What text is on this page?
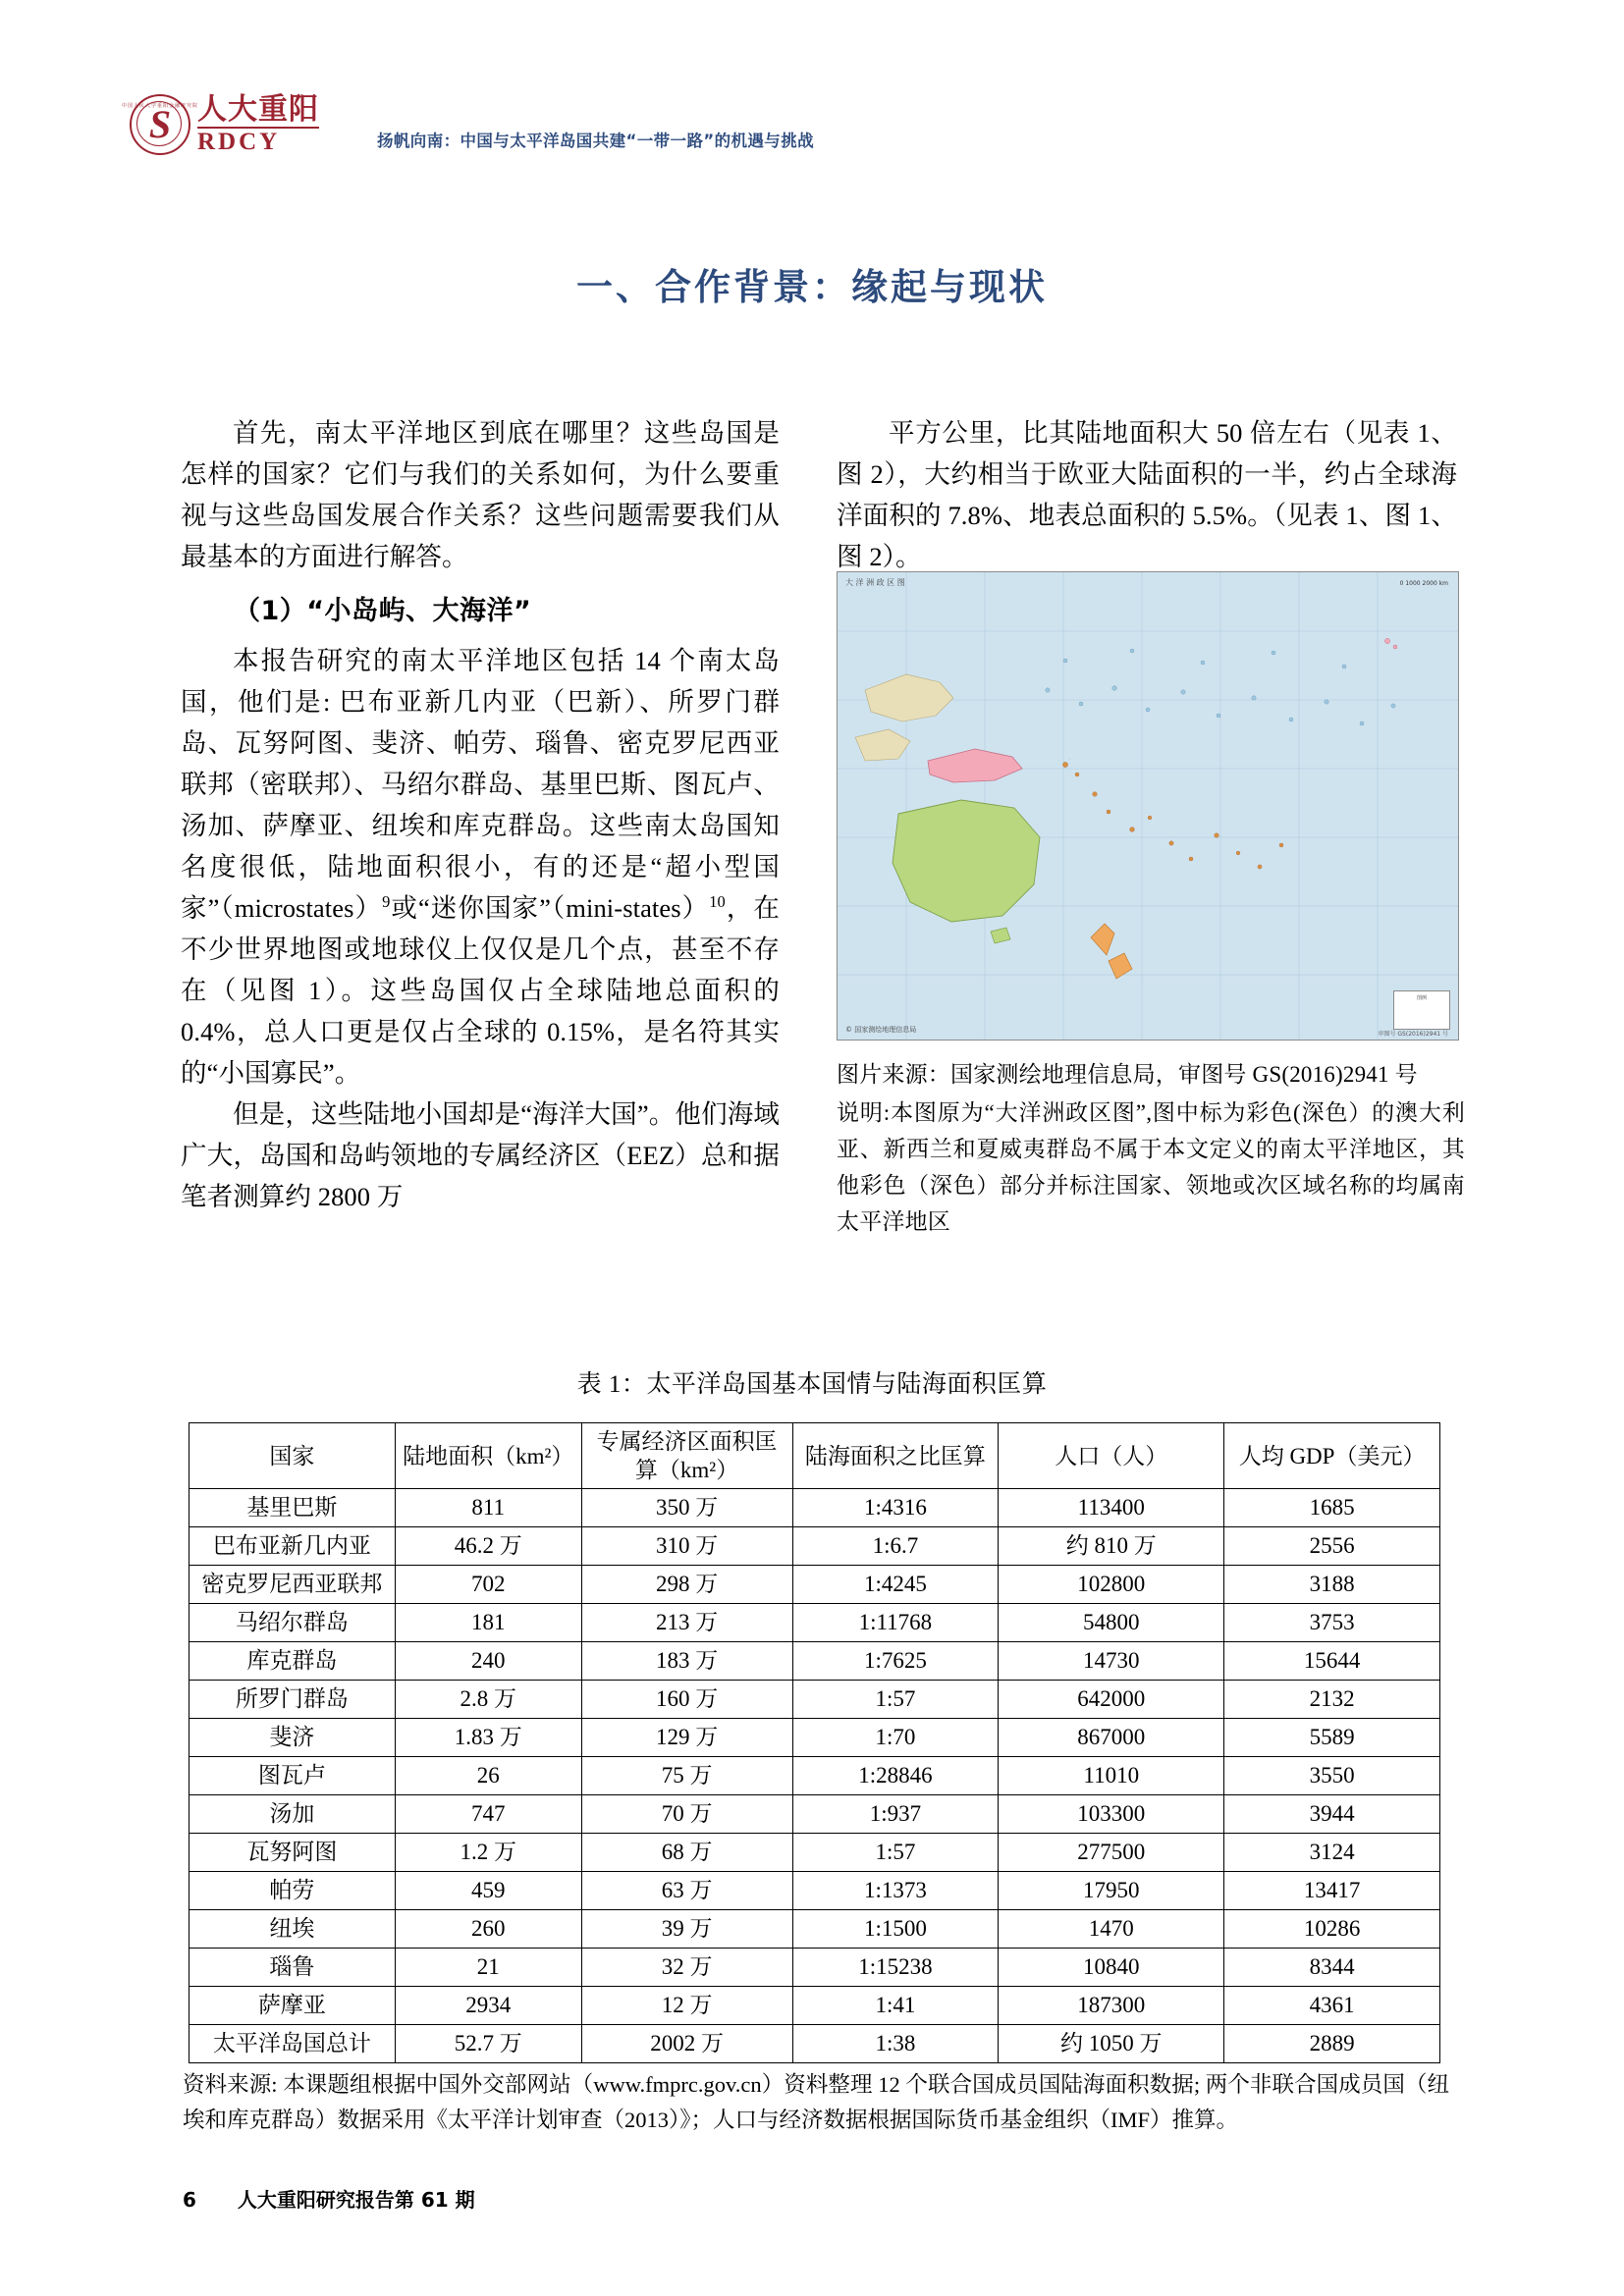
中国人民大学重阳金融研究院
S 人大重阳
RDCY	扬帆向南：中国与太平洋岛国共建“一带一路”的机遇与挑战
一、合作背景：缘起与现状

首先，南太平洋地区到底在哪里？这些岛国是怎样的国家？它们与我们的关系如何，为什么要重视与这些岛国发展合作关系？这些问题需要我们从最基本的方面进行解答。

（1）“小岛屿、大海洋”

本报告研究的南太平洋地区包括 14 个南太岛国，他们是: 巴布亚新几内亚（巴新）、所罗门群岛、瓦努阿图、斐济、帕劳、瑙鲁、密克罗尼西亚联邦（密联邦）、马绍尔群岛、基里巴斯、图瓦卢、汤加、萨摩亚、纽埃和库克群岛。这些南太岛国知名度很低，陆地面积很小，有的还是“超小型国家”（microstates）$^9$或“迷你国家”（mini‑states）$^{10}$，在不少世界地图或地球仪上仅仅是几个点，甚至不存在（见图 1）。这些岛国仅占全球陆地总面积的 0.4%，总人口更是仅占全球的 0.15%，是名符其实的“小国寡民”。

但是，这些陆地小国却是“海洋大国”。他们海域广大，岛国和岛屿领地的专属经济区（EEZ）总和据笔者测算约 2800 万

平方公里，比其陆地面积大 50 倍左右（见表 1、图 2），大约相当于欧亚大陆面积的一半，约占全球海洋面积的 7.8%、地表总面积的 5.5%。（见表 1、图 1、图 2）。

·
大 洋 洲 政 区 图	0 1000 2000 km
© 国家测绘地理信息局
图例
审图号 GS(2016)2941 号
图片来源：国家测绘地理信息局，审图号 GS(2016)2941 号
说明:本图原为“大洋洲政区图”,图中标为彩色(深色）的澳大利亚、新西兰和夏威夷群岛不属于本文定义的南太平洋地区，其他彩色（深色）部分并标注国家、领地或次区域名称的均属南太平洋地区
表 1：太平洋岛国基本国情与陆海面积匡算
国家	陆地面积（km²）	专属经济区面积匡算（km²）	陆海面积之比匡算	人口（人）	人均 GDP（美元）
基里巴斯	811	350 万	1:4316	113400	1685
巴布亚新几内亚	46.2 万	310 万	1:6.7	约 810 万	2556
密克罗尼西亚联邦	702	298 万	1:4245	102800	3188
马绍尔群岛	181	213 万	1:11768	54800	3753
库克群岛	240	183 万	1:7625	14730	15644
所罗门群岛	2.8 万	160 万	1:57	642000	2132
斐济	1.83 万	129 万	1:70	867000	5589
图瓦卢	26	75 万	1:28846	11010	3550
汤加	747	70 万	1:937	103300	3944
瓦努阿图	1.2 万	68 万	1:57	277500	3124
帕劳	459	63 万	1:1373	17950	13417
纽埃	260	39 万	1:1500	1470	10286
瑙鲁	21	32 万	1:15238	10840	8344
萨摩亚	2934	12 万	1:41	187300	4361
太平洋岛国总计	52.7 万	2002 万	1:38	约 1050 万	2889
资料来源: 本课题组根据中国外交部网站（www.fmprc.gov.cn）资料整理 12 个联合国成员国陆海面积数据; 两个非联合国成员国（纽埃和库克群岛）数据采用《太平洋计划审查（2013）》；人口与经济数据根据国际货币基金组织（IMF）推算。
6 人大重阳研究报告第 61 期
